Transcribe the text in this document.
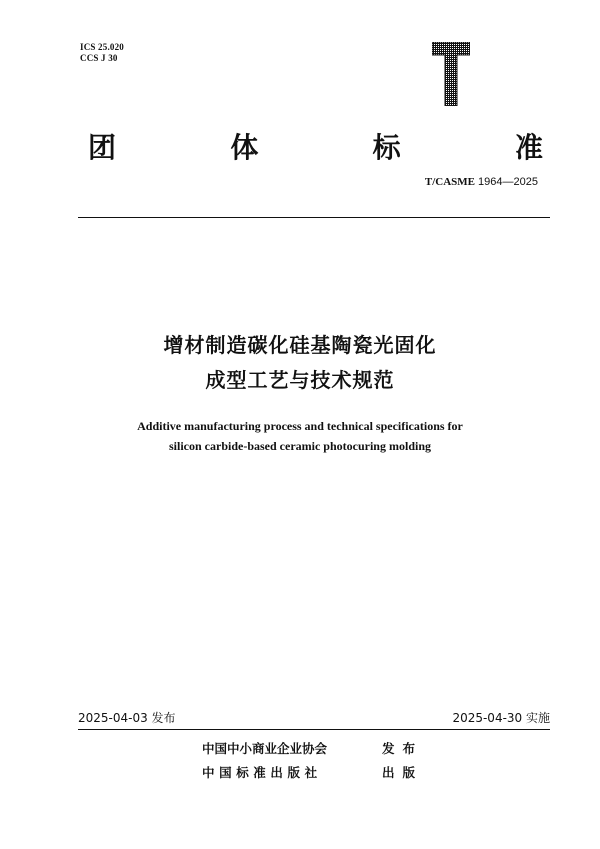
ICS 25.020
CCS J 30
团	体	标	准
T/CASME 1964—2025
增材制造碳化硅基陶瓷光固化
成型工艺与技术规范
Additive manufacturing process and technical specifications for
silicon carbide-based ceramic photocuring molding
2025-04-03 发布	2025-04-30 实施
中国中小商业企业协会	发布
中国标准出版社	出版
